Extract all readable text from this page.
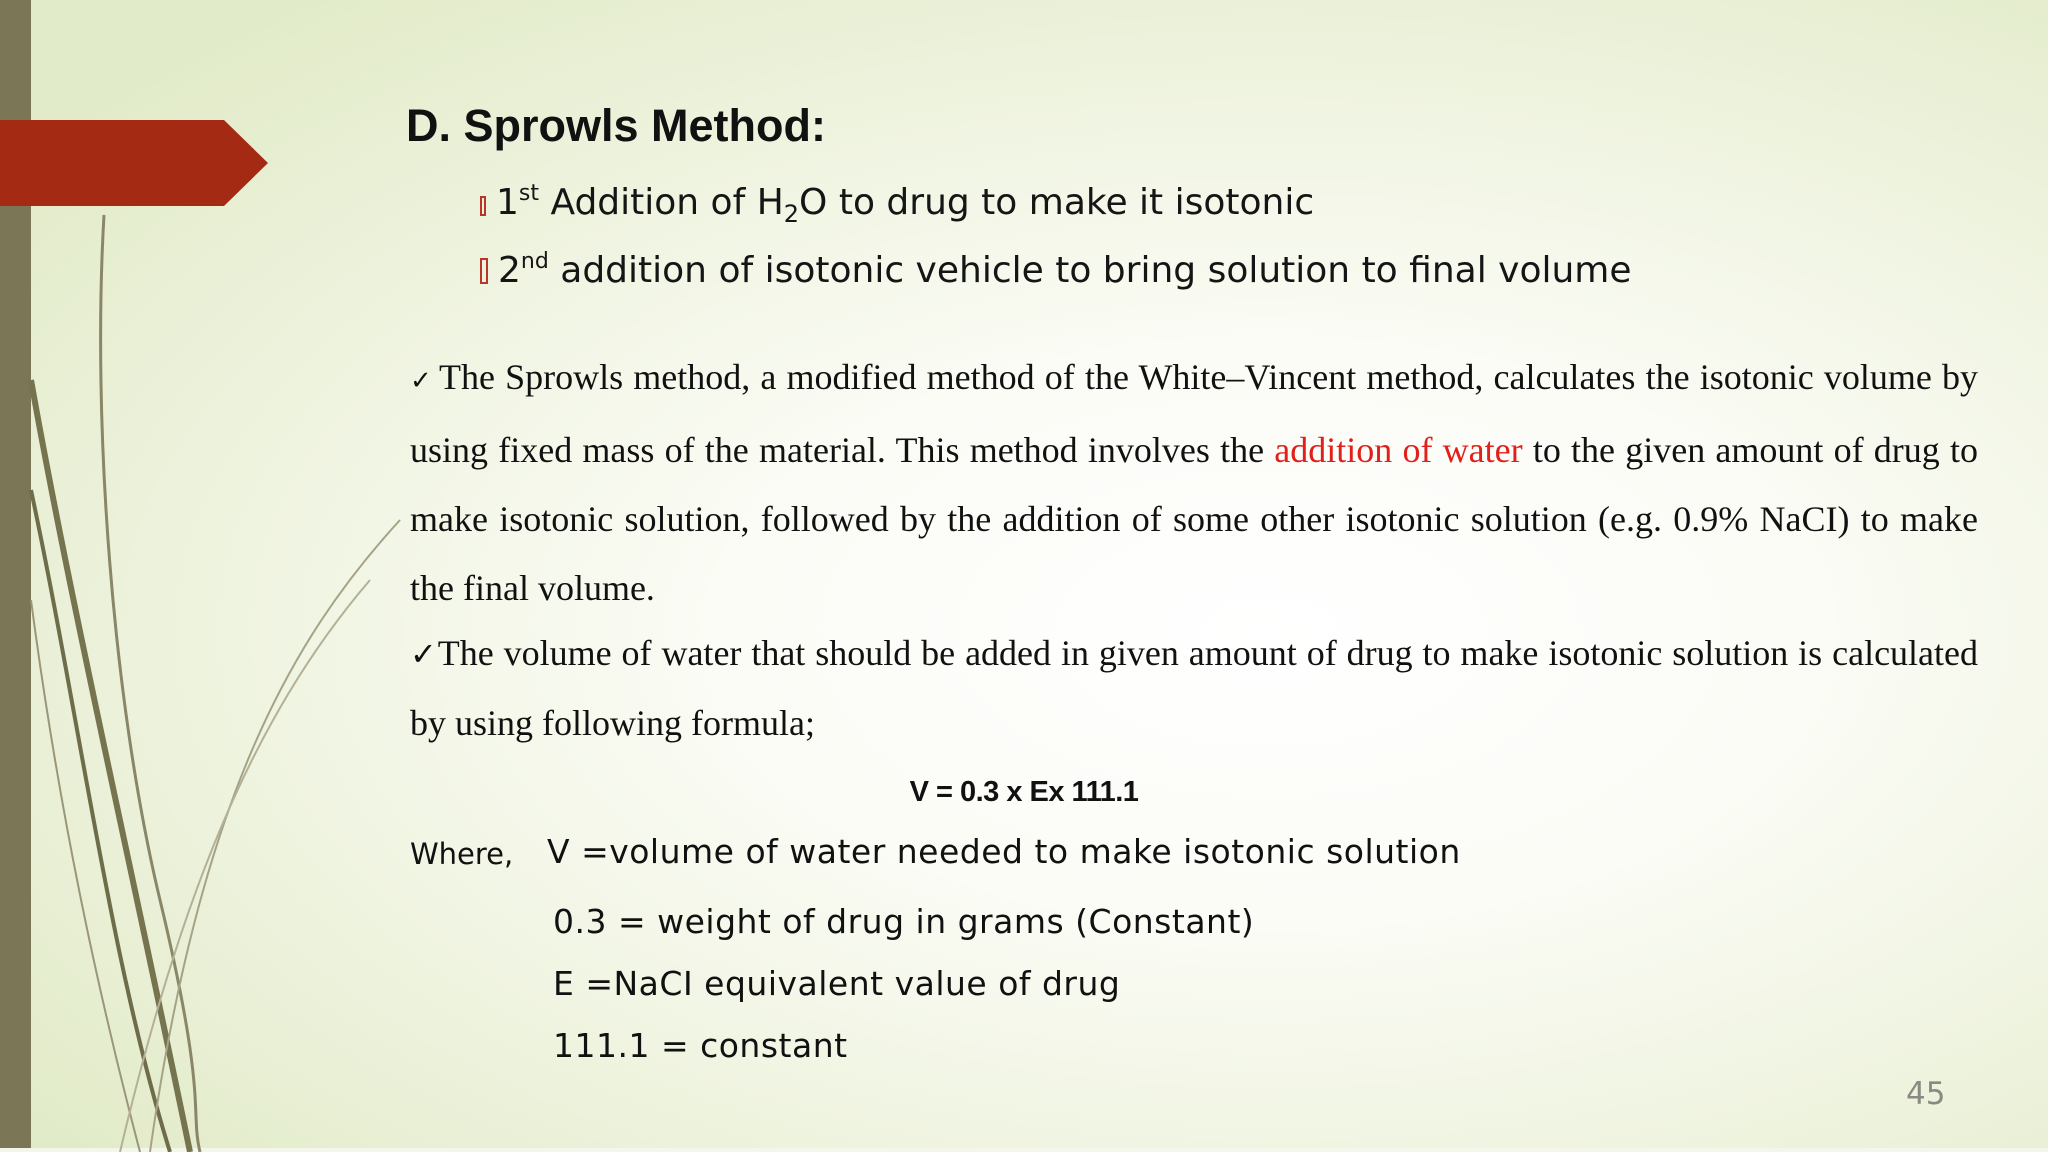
D. Sprowls Method:
1st Addition of $H_2O$ to drug to make it isotonic
2nd addition of isotonic vehicle to bring solution to final volume

✓ The Sprowls method, a modified method of the White–Vincent method, calculates the isotonic volume by using fixed mass of the material. This method involves the addition of water to the given amount of drug to make isotonic solution, followed by the addition of some other isotonic solution (e.g. 0.9% NaCI) to make the final volume.

✓The volume of water that should be added in given amount of drug to make isotonic solution is calculated by using following formula;

V = 0.3 x Ex 111.1
Where, V =volume of water needed to make isotonic solution
0.3 = weight of drug in grams (Constant)
E =NaCI equivalent value of drug
111.1 = constant
45
